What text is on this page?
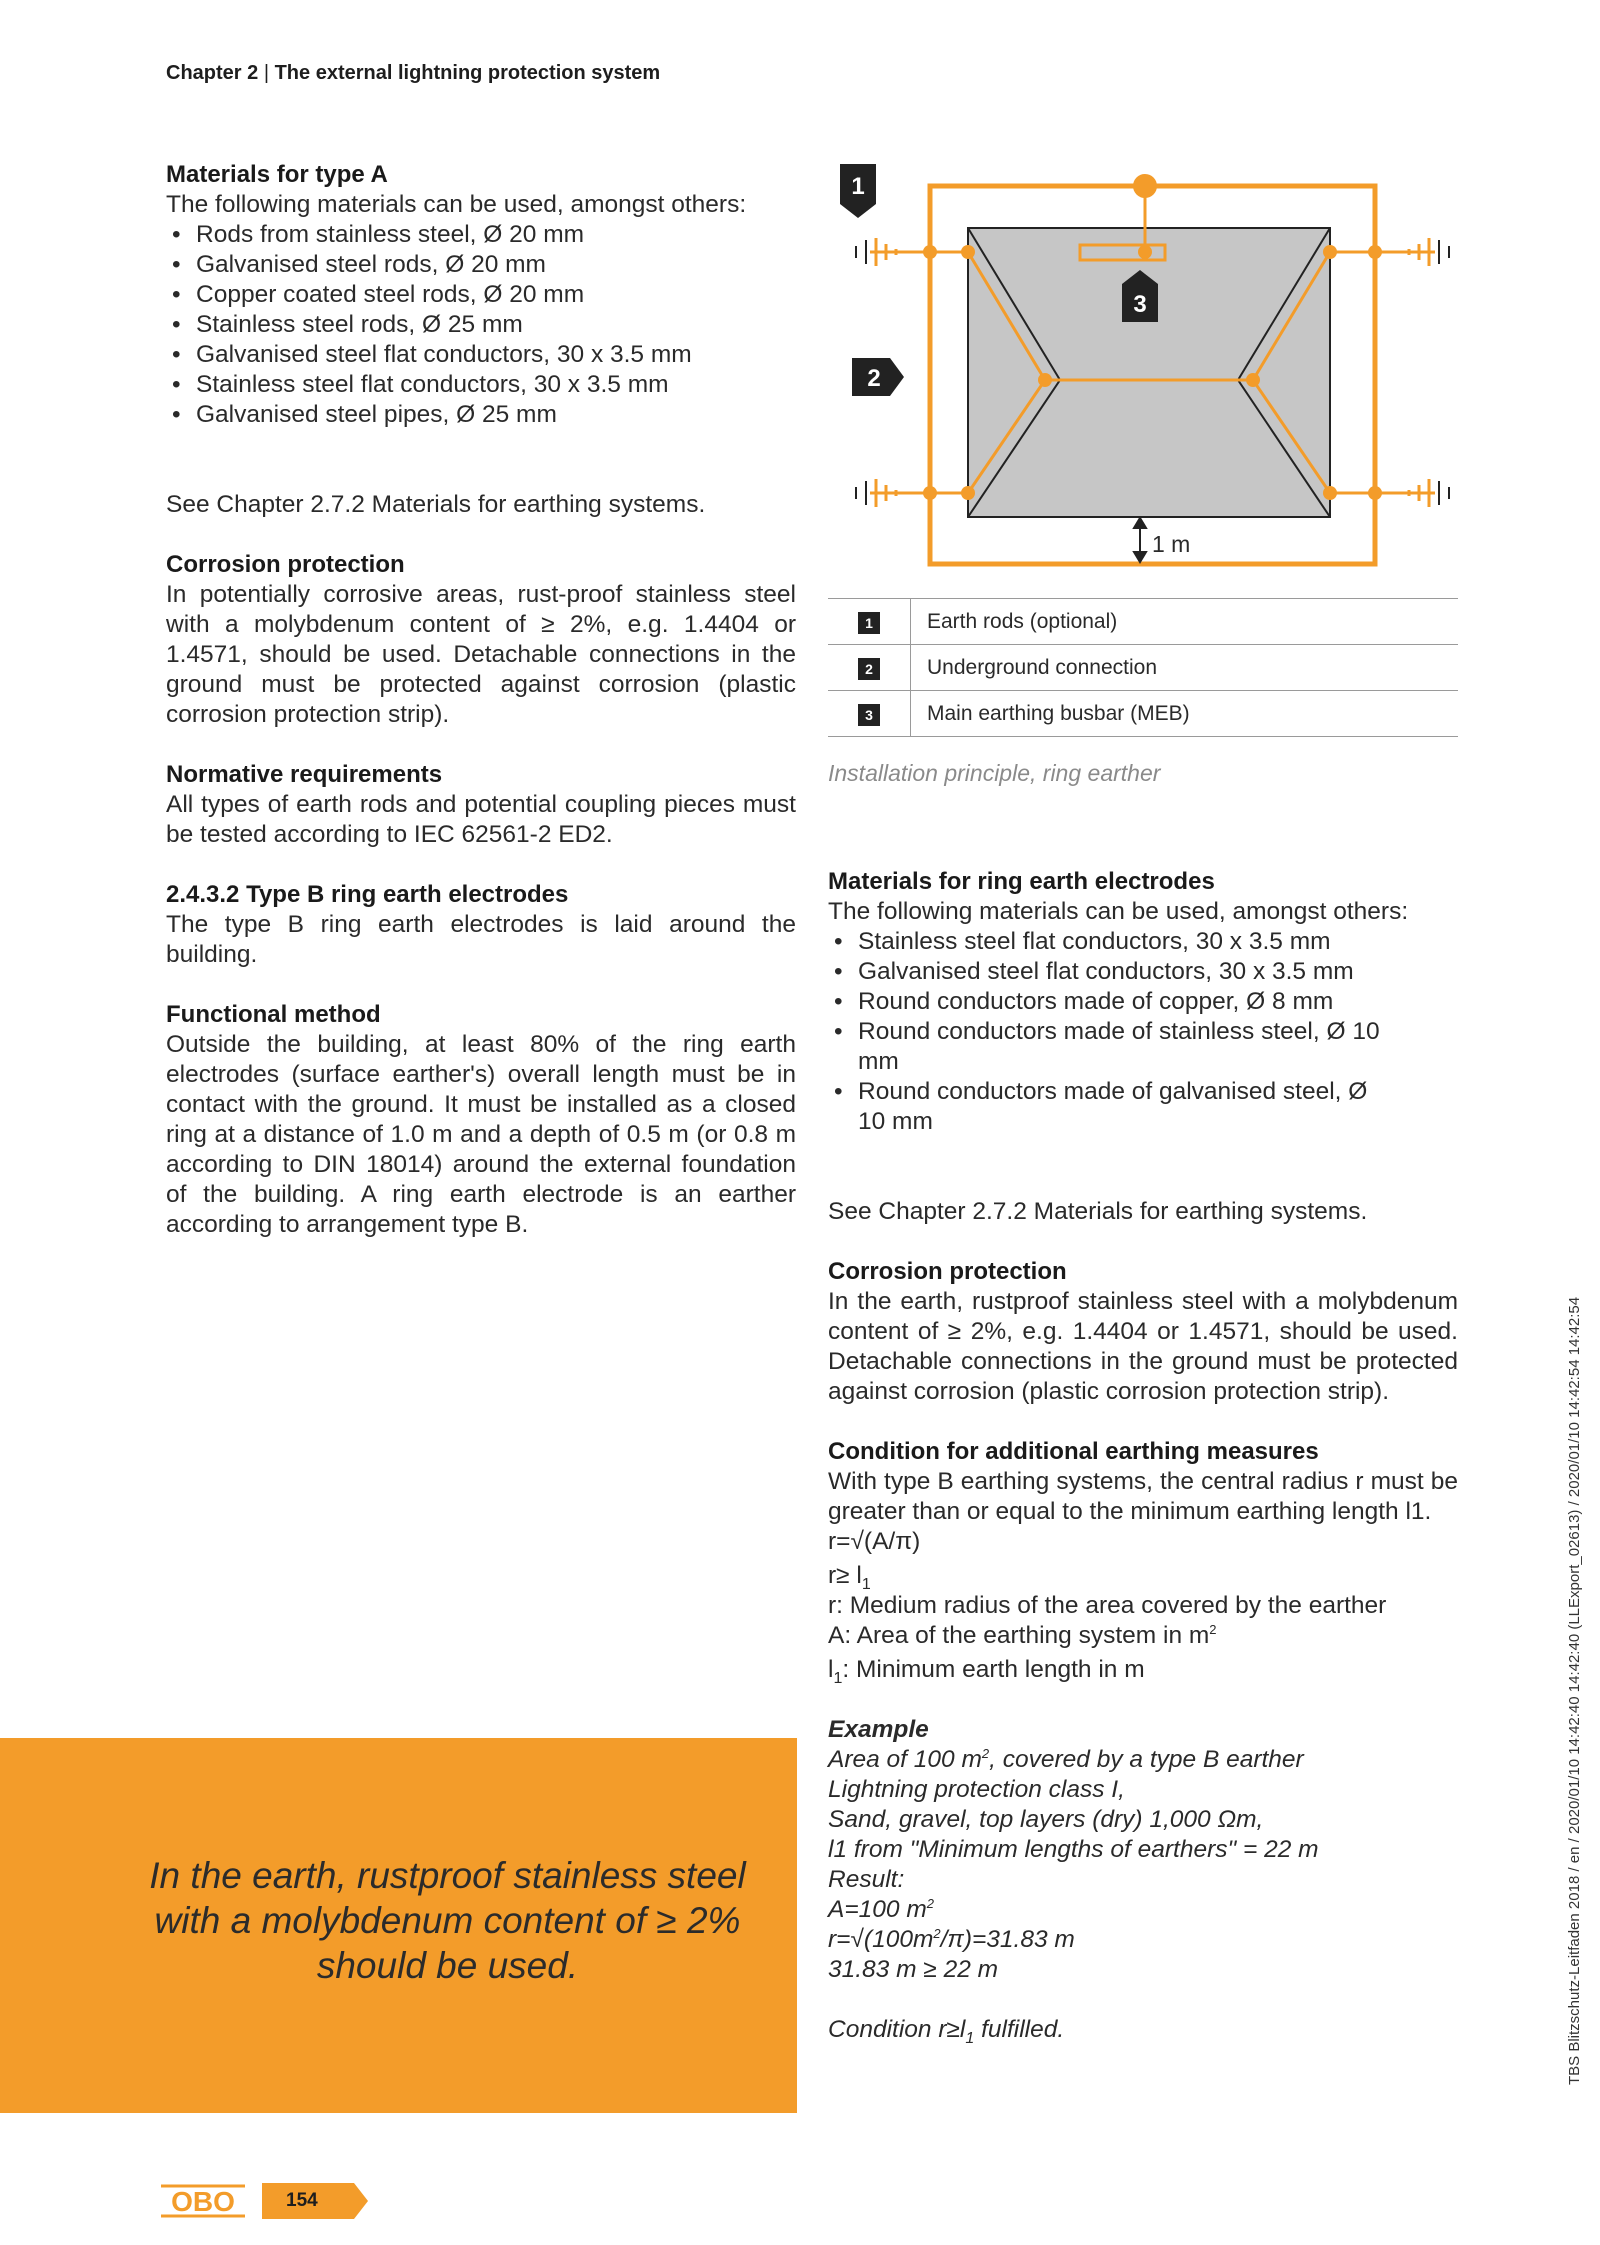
Chapter 2 | The external lightning protection system
Materials for type A

The following materials can be used, amongst others:

• Rods from stainless steel, Ø 20 mm
• Galvanised steel rods, Ø 20 mm
• Copper coated steel rods, Ø 20 mm
• Stainless steel rods, Ø 25 mm
• Galvanised steel flat conductors, 30 x 3.5 mm
• Stainless steel flat conductors, 30 x 3.5 mm
• Galvanised steel pipes, Ø 25 mm

See Chapter 2.7.2 Materials for earthing systems.

Corrosion protection

In potentially corrosive areas, rust-proof stainless steel with a molybdenum content of ≥ 2%, e.g. 1.4404 or 1.4571, should be used. Detachable connections in the ground must be protected against corrosion (plastic corrosion protection strip).

Normative requirements

All types of earth rods and potential coupling pieces must be tested according to IEC 62561-2 ED2.

2.4.3.2 Type B ring earth electrodes

The type B ring earth electrodes is laid around the building.

Functional method

Outside the building, at least 80% of the ring earth electrodes (surface earther's) overall length must be in contact with the ground. It must be installed as a closed ring at a distance of 1.0 m and a depth of 0.5 m (or 0.8 m according to DIN 18014) around the external foundation of the building. A ring earth electrode is an earther according to arrangement type B.

1
2
3
1 m
1	Earth rods (optional)
2	Underground connection
3	Main earthing busbar (MEB)
Installation principle, ring earther
Materials for ring earth electrodes

The following materials can be used, amongst others:

• Stainless steel flat conductors, 30 x 3.5 mm
• Galvanised steel flat conductors, 30 x 3.5 mm
• Round conductors made of copper, Ø 8 mm
• Round conductors made of stainless steel, Ø 10 mm
• Round conductors made of galvanised steel, Ø 10 mm

See Chapter 2.7.2 Materials for earthing systems.

Corrosion protection

In the earth, rustproof stainless steel with a molybdenum content of ≥ 2%, e.g. 1.4404 or 1.4571, should be used. Detachable connections in the ground must be protected against corrosion (plastic corrosion protection strip).

Condition for additional earthing measures

With type B earthing systems, the central radius r must be greater than or equal to the minimum earthing length l1.

r=√(A/π)
$r\ge l_1$
r: Medium radius of the area covered by the earther
A: Area of the earthing system in $m^2$
$l_1$: Minimum earth length in m
Example
Area of 100 $m^2$, covered by a type B earther
Lightning protection class I,
Sand, gravel, top layers (dry) 1,000 Ωm,
l1 from "Minimum lengths of earthers" = 22 m
Result:
A=100 $m^2$
$r=√(100m^2/\pi)=31.83$ m
31.83 m ≥ 22 m
Condition $r\ge l_1$ fulfilled.
In the earth, rustproof stainless steel with a molybdenum content of ≥ 2% should be used.	TBS Blitzschutz-Leitfaden 2018 / en / 2020/01/10 14:42:40 14:42:40 (LLExport_02613) / 2020/01/10 14:42:54 14:42:54
OBO	154
